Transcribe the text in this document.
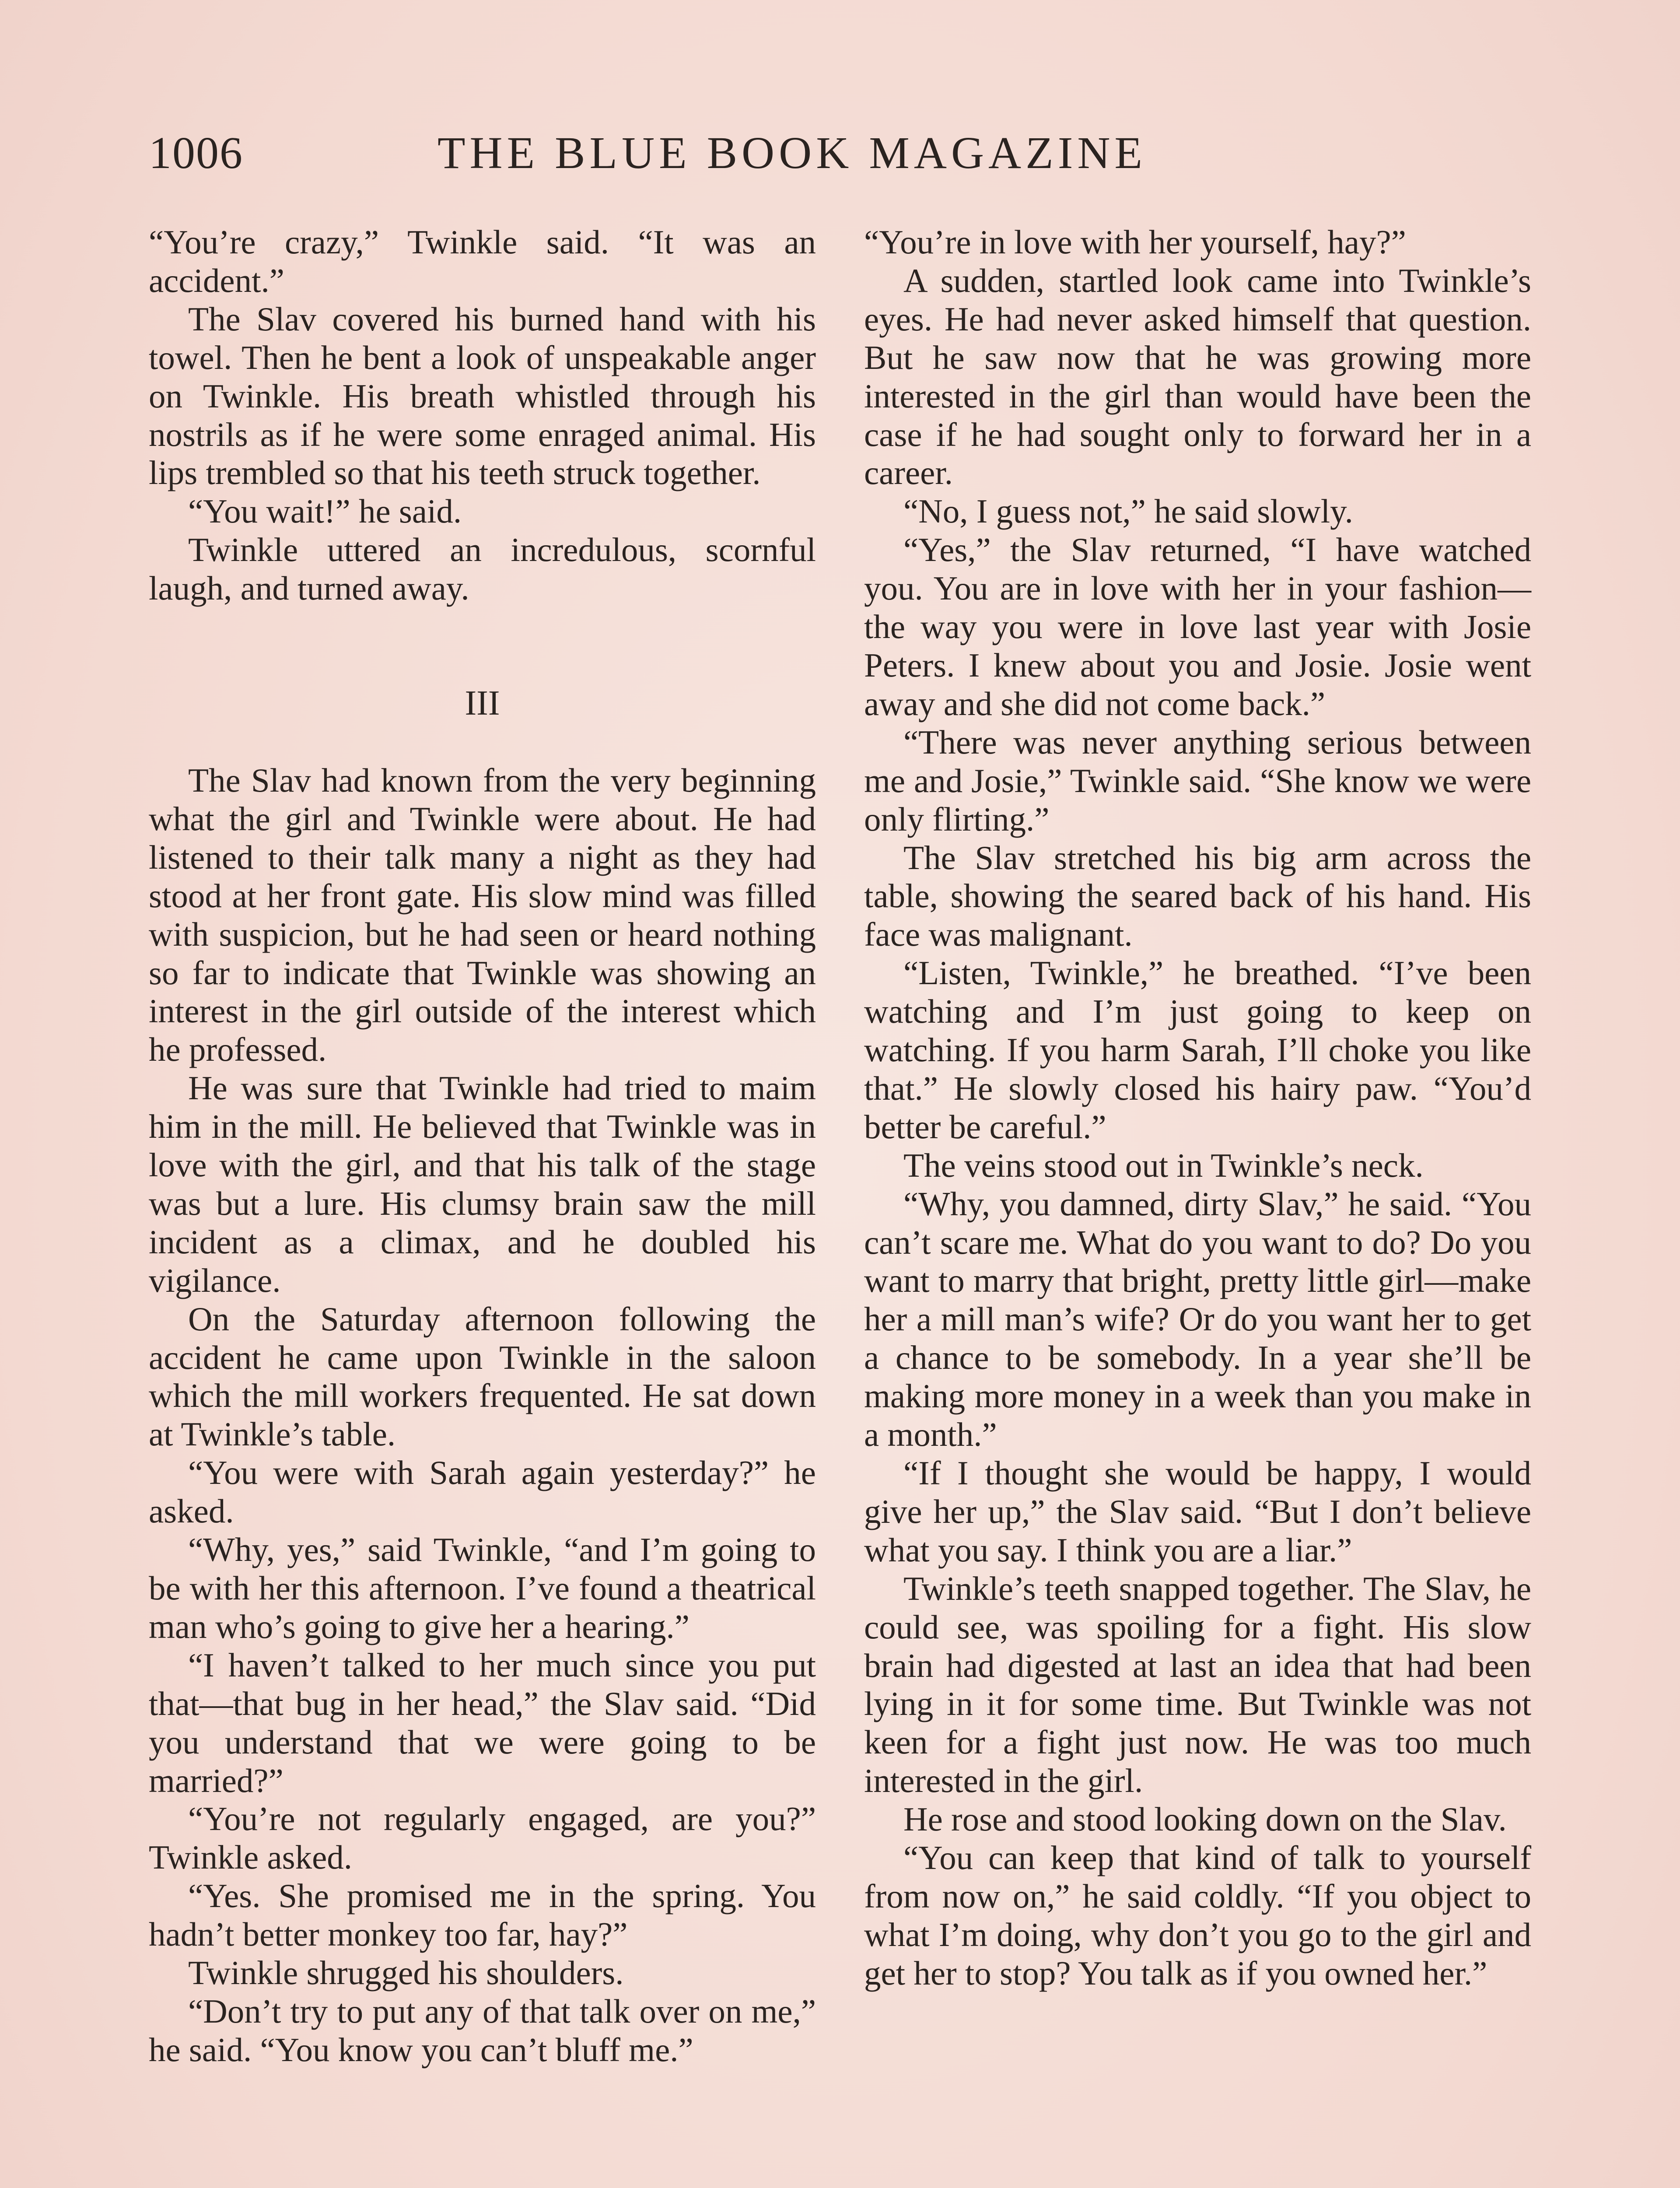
1006	THE BLUE BOOK MAGAZINE

“You’re crazy,” Twinkle said. “It was an accident.”

The Slav covered his burned hand with his towel. Then he bent a look of unspeakable anger on Twinkle. His breath whistled through his nostrils as if he were some enraged animal. His lips trembled so that his teeth struck together.

“You wait!” he said.

Twinkle uttered an incredulous, scornful laugh, and turned away.

III

The Slav had known from the very beginning what the girl and Twinkle were about. He had listened to their talk many a night as they had stood at her front gate. His slow mind was filled with suspicion, but he had seen or heard nothing so far to indicate that Twinkle was showing an interest in the girl outside of the interest which he professed.

He was sure that Twinkle had tried to maim him in the mill. He believed that Twinkle was in love with the girl, and that his talk of the stage was but a lure. His clumsy brain saw the mill incident as a climax, and he doubled his vigilance.

On the Saturday afternoon following the accident he came upon Twinkle in the saloon which the mill workers frequented. He sat down at Twinkle’s table.

“You were with Sarah again yesterday?” he asked.

“Why, yes,” said Twinkle, “and I’m going to be with her this afternoon. I’ve found a theatrical man who’s going to give her a hearing.”

“I haven’t talked to her much since you put that—that bug in her head,” the Slav said. “Did you understand that we were going to be married?”

“You’re not regularly engaged, are you?” Twinkle asked.

“Yes. She promised me in the spring. You hadn’t better monkey too far, hay?”

Twinkle shrugged his shoulders.

“Don’t try to put any of that talk over on me,” he said. “You know you can’t bluff me.”

“You’re in love with her yourself, hay?”

A sudden, startled look came into Twinkle’s eyes. He had never asked himself that question. But he saw now that he was growing more interested in the girl than would have been the case if he had sought only to forward her in a career.

“No, I guess not,” he said slowly.

“Yes,” the Slav returned, “I have watched you. You are in love with her in your fashion—the way you were in love last year with Josie Peters. I knew about you and Josie. Josie went away and she did not come back.”

“There was never anything serious between me and Josie,” Twinkle said. “She know we were only flirting.”

The Slav stretched his big arm across the table, showing the seared back of his hand. His face was malignant.

“Listen, Twinkle,” he breathed. “I’ve been watching and I’m just going to keep on watching. If you harm Sarah, I’ll choke you like that.” He slowly closed his hairy paw. “You’d better be careful.”

The veins stood out in Twinkle’s neck.

“Why, you damned, dirty Slav,” he said. “You can’t scare me. What do you want to do? Do you want to marry that bright, pretty little girl—make her a mill man’s wife? Or do you want her to get a chance to be somebody. In a year she’ll be making more money in a week than you make in a month.”

“If I thought she would be happy, I would give her up,” the Slav said. “But I don’t believe what you say. I think you are a liar.”

Twinkle’s teeth snapped together. The Slav, he could see, was spoiling for a fight. His slow brain had digested at last an idea that had been lying in it for some time. But Twinkle was not keen for a fight just now. He was too much interested in the girl.

He rose and stood looking down on the Slav.

“You can keep that kind of talk to yourself from now on,” he said coldly. “If you object to what I’m doing, why don’t you go to the girl and get her to stop? You talk as if you owned her.”
